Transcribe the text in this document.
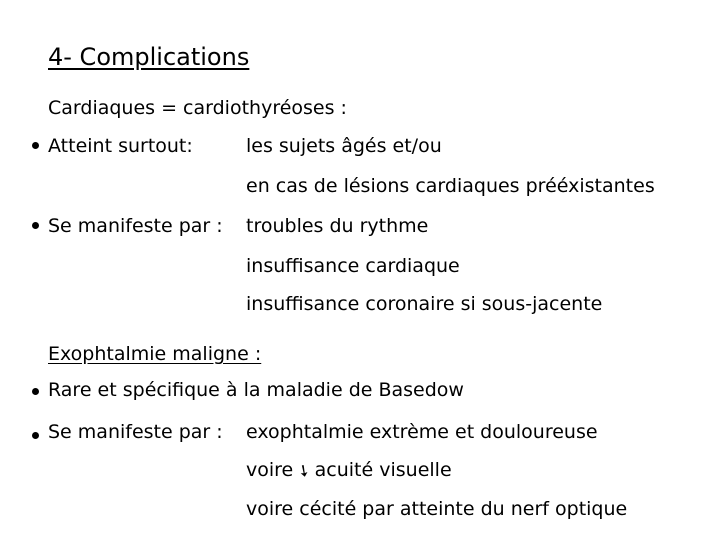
4- Complications
Cardiaques = cardiothyréoses :
Atteint surtout:	les sujets âgés et/ou
en cas de lésions cardiaques prééxistantes
Se manifeste par : troubles du rythme
insuffisance cardiaque
insuffisance coronaire si sous-jacente
Exophtalmie maligne :
Rare et spécifique à la maladie de Basedow
Se manifeste par : exophtalmie extrème et douloureuse
voire➘acuité visuelle
voire cécité par atteinte du nerf optique
